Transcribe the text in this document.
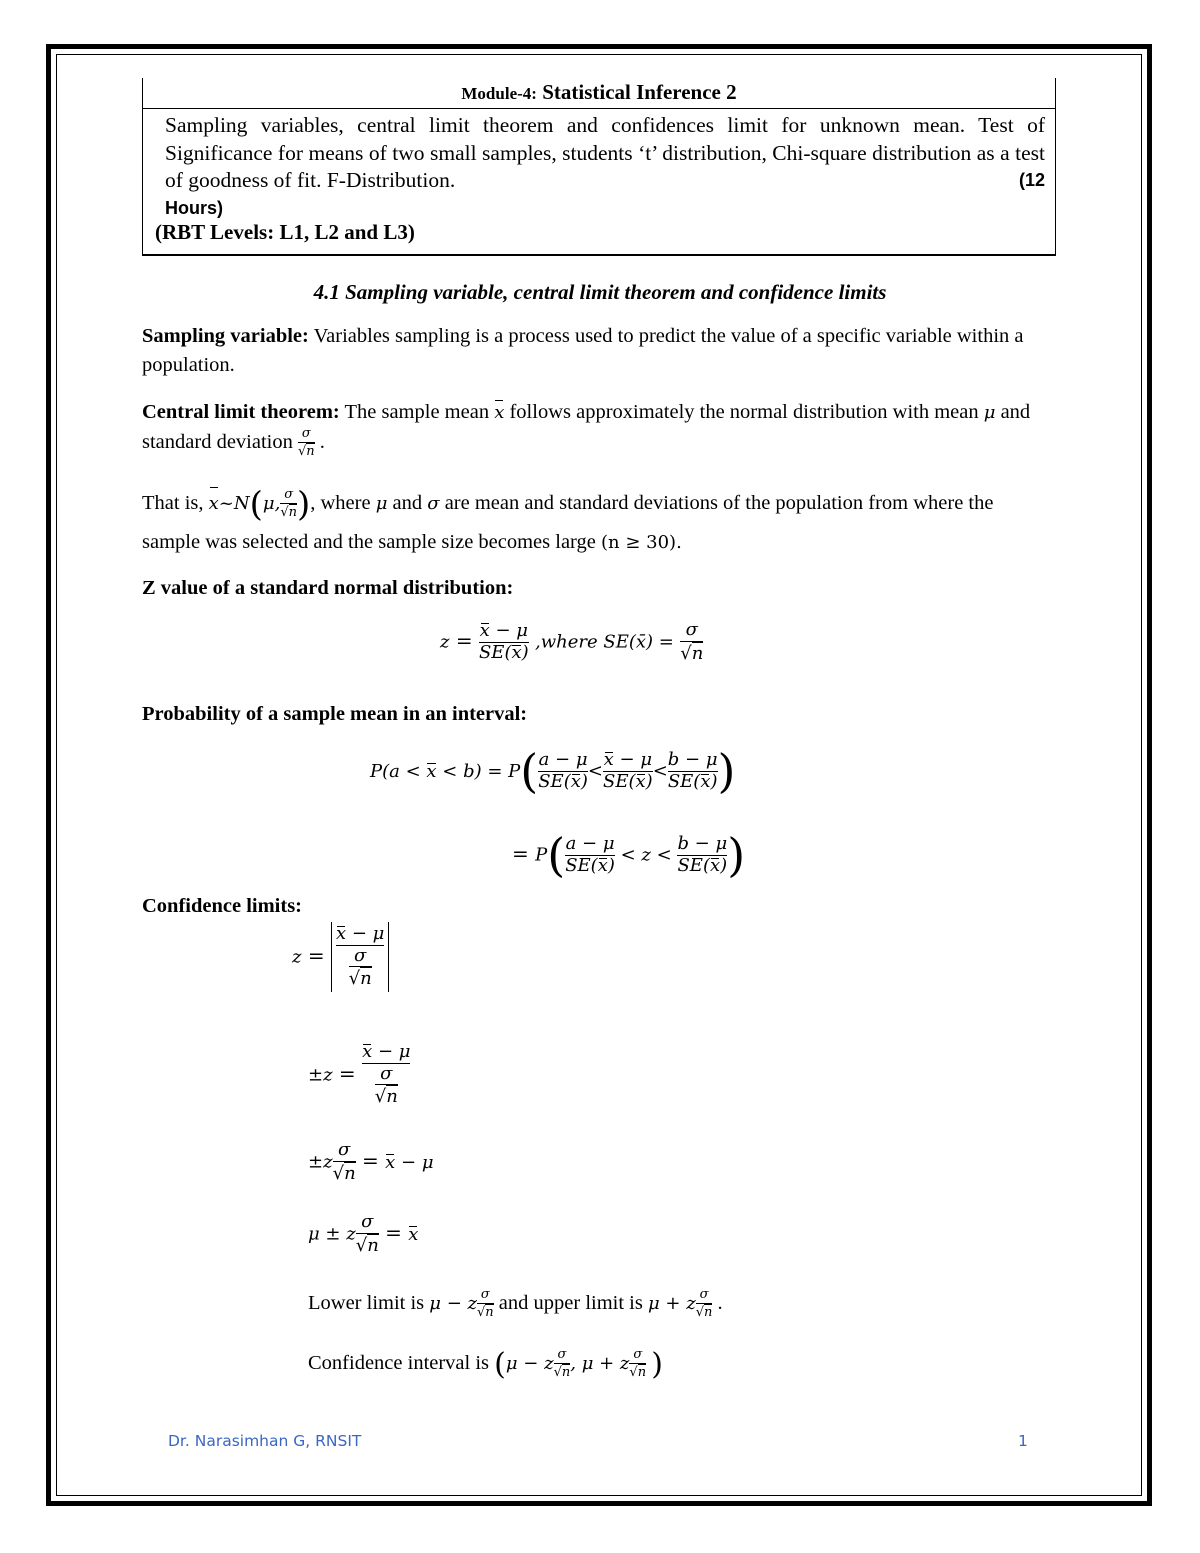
Module-4: Statistical Inference 2

Sampling variables, central limit theorem and confidences limit for unknown mean. Test of Significance for means of two small samples, students ‘t’ distribution, Chi-square distribution as a test of goodness of fit. F-Distribution.	(12

Hours)

(RBT Levels: L1, L2 and L3)
4.1 Sampling variable, central limit theorem and confidence limits
Sampling variable: Variables sampling is a process used to predict the value of a specific variable within a population.
Central limit theorem: The sample mean x follows approximately the normal distribution with mean μ and standard deviation $\frac{\sigma}{√n}$ .
That is, x~N(μ, $\frac{\sigma}{√n}$ ), where μ and σ are mean and standard deviations of the population from where the sample was selected and the sample size becomes large (n ≥ 30).
Z value of a standard normal distribution:
$z = \frac{x - \mu}{SE(x)}$ ,where SE(x̄) = $\frac{\sigma}{√n}$
Probability of a sample mean in an interval:
$P(a < x < b) = P( \frac{a - \mu}{SE(x)} < \frac{x - \mu}{SE(x)} < \frac{b - \mu}{SE(x)}$ )
= $P( \frac{a - \mu}{SE(x)} < z < \frac{b - \mu}{SE(x)}$ )
Confidence limits:
$z = \frac{x - \mu}{\frac{\sigma}{√n}}$
$\pm z = \frac{x - \mu}{\frac{\sigma}{√n}}$
$\pm z \frac{\sigma}{√n} = x - \mu$
μ ± z $\frac{\sigma}{√n} = x$
Lower limit is μ − z $\frac{\sigma}{√n}$ and upper limit is μ + z $\frac{\sigma}{√n}$ .
Confidence interval is (μ − z $\frac{\sigma}{√n}$ , μ + z $\frac{\sigma}{√n}$ )
Dr. Narasimhan G, RNSIT	1
